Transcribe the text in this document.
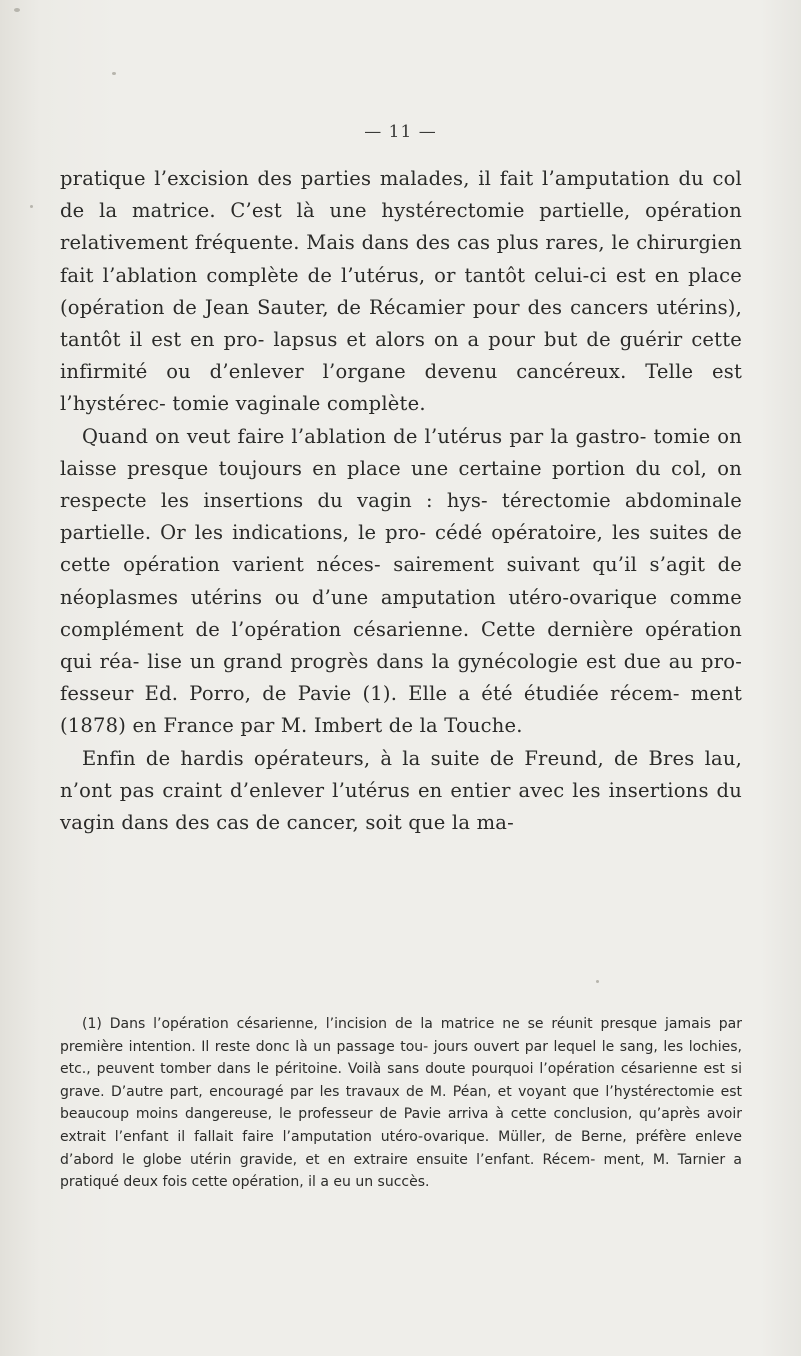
— 11 —

pratique l’excision des parties malades, il fait l’amputation du col de la matrice. C’est là une hystérectomie partielle, opération relativement fréquente. Mais dans des cas plus rares, le chirurgien fait l’ablation complète de l’utérus, or tantôt celui-ci est en place (opération de Jean Sauter, de Récamier pour des cancers utérins), tantôt il est en pro- lapsus et alors on a pour but de guérir cette infirmité ou d’enlever l’organe devenu cancéreux. Telle est l’hystérec- tomie vaginale complète.

Quand on veut faire l’ablation de l’utérus par la gastro- tomie on laisse presque toujours en place une certaine portion du col, on respecte les insertions du vagin : hys- térectomie abdominale partielle. Or les indications, le pro- cédé opératoire, les suites de cette opération varient néces- sairement suivant qu’il s’agit de néoplasmes utérins ou d’une amputation utéro-ovarique comme complément de l’opération césarienne. Cette dernière opération qui réa- lise un grand progrès dans la gynécologie est due au pro- fesseur Ed. Porro, de Pavie (1). Elle a été étudiée récem- ment (1878) en France par M. Imbert de la Touche.

Enfin de hardis opérateurs, à la suite de Freund, de Bres lau, n’ont pas craint d’enlever l’utérus en entier avec les insertions du vagin dans des cas de cancer, soit que la ma-

(1) Dans l’opération césarienne, l’incision de la matrice ne se réunit presque jamais par première intention. Il reste donc là un passage tou- jours ouvert par lequel le sang, les lochies, etc., peuvent tomber dans le péritoine. Voilà sans doute pourquoi l’opération césarienne est si grave. D’autre part, encouragé par les travaux de M. Péan, et voyant que l’hystérectomie est beaucoup moins dangereuse, le professeur de Pavie arriva à cette conclusion, qu’après avoir extrait l’enfant il fallait faire l’amputation utéro-ovarique. Müller, de Berne, préfère enleve d’abord le globe utérin gravide, et en extraire ensuite l’enfant. Récem- ment, M. Tarnier a pratiqué deux fois cette opération, il a eu un succès.
